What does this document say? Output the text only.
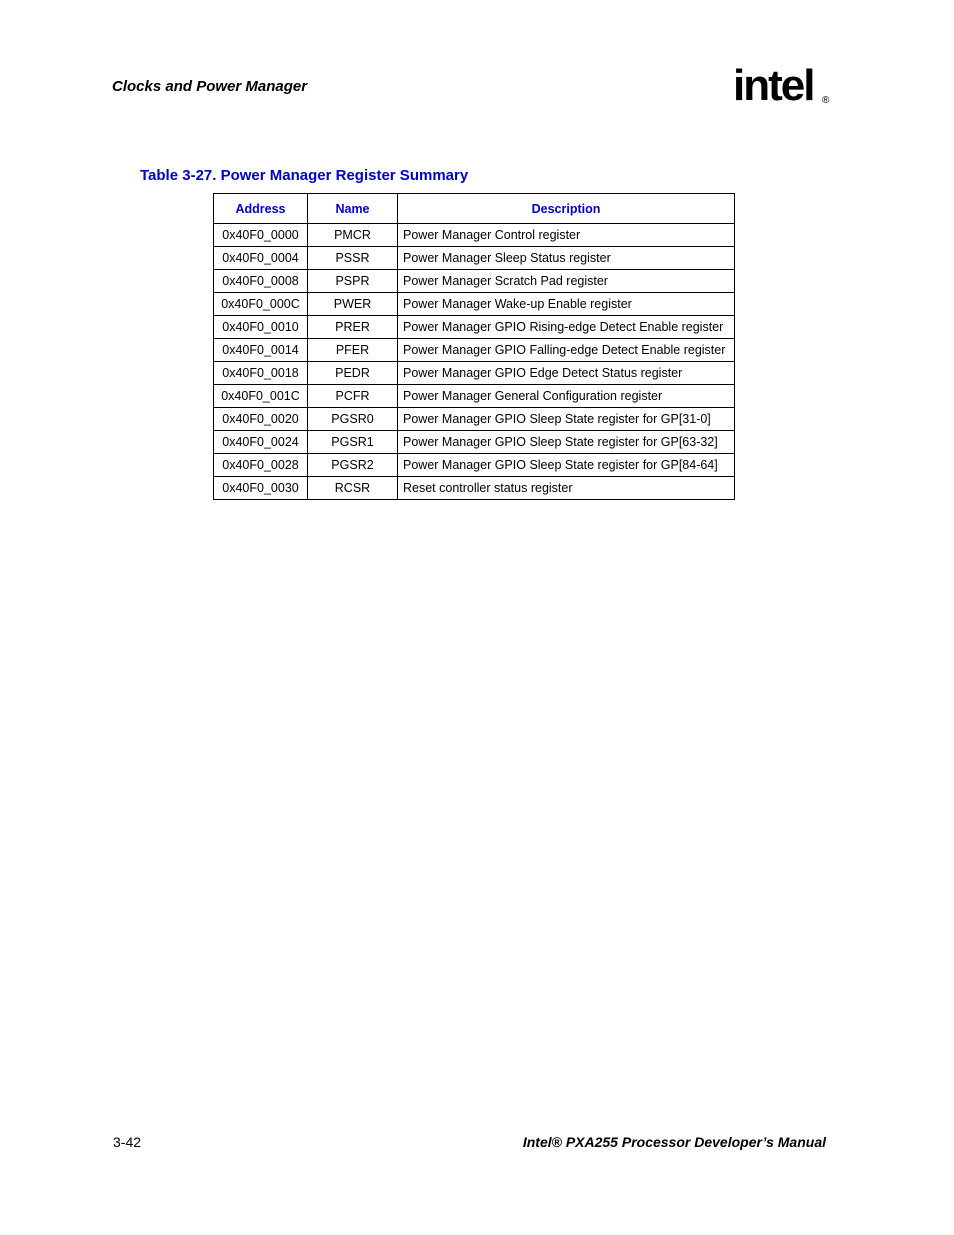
Clocks and Power Manager	intel ®
Table 3-27. Power Manager Register Summary
Address	Name	Description
0x40F0_0000	PMCR	Power Manager Control register
0x40F0_0004	PSSR	Power Manager Sleep Status register
0x40F0_0008	PSPR	Power Manager Scratch Pad register
0x40F0_000C	PWER	Power Manager Wake-up Enable register
0x40F0_0010	PRER	Power Manager GPIO Rising-edge Detect Enable register
0x40F0_0014	PFER	Power Manager GPIO Falling-edge Detect Enable register
0x40F0_0018	PEDR	Power Manager GPIO Edge Detect Status register
0x40F0_001C	PCFR	Power Manager General Configuration register
0x40F0_0020	PGSR0	Power Manager GPIO Sleep State register for GP[31-0]
0x40F0_0024	PGSR1	Power Manager GPIO Sleep State register for GP[63-32]
0x40F0_0028	PGSR2	Power Manager GPIO Sleep State register for GP[84-64]
0x40F0_0030	RCSR	Reset controller status register
3-42	Intel® PXA255 Processor Developer’s Manual
